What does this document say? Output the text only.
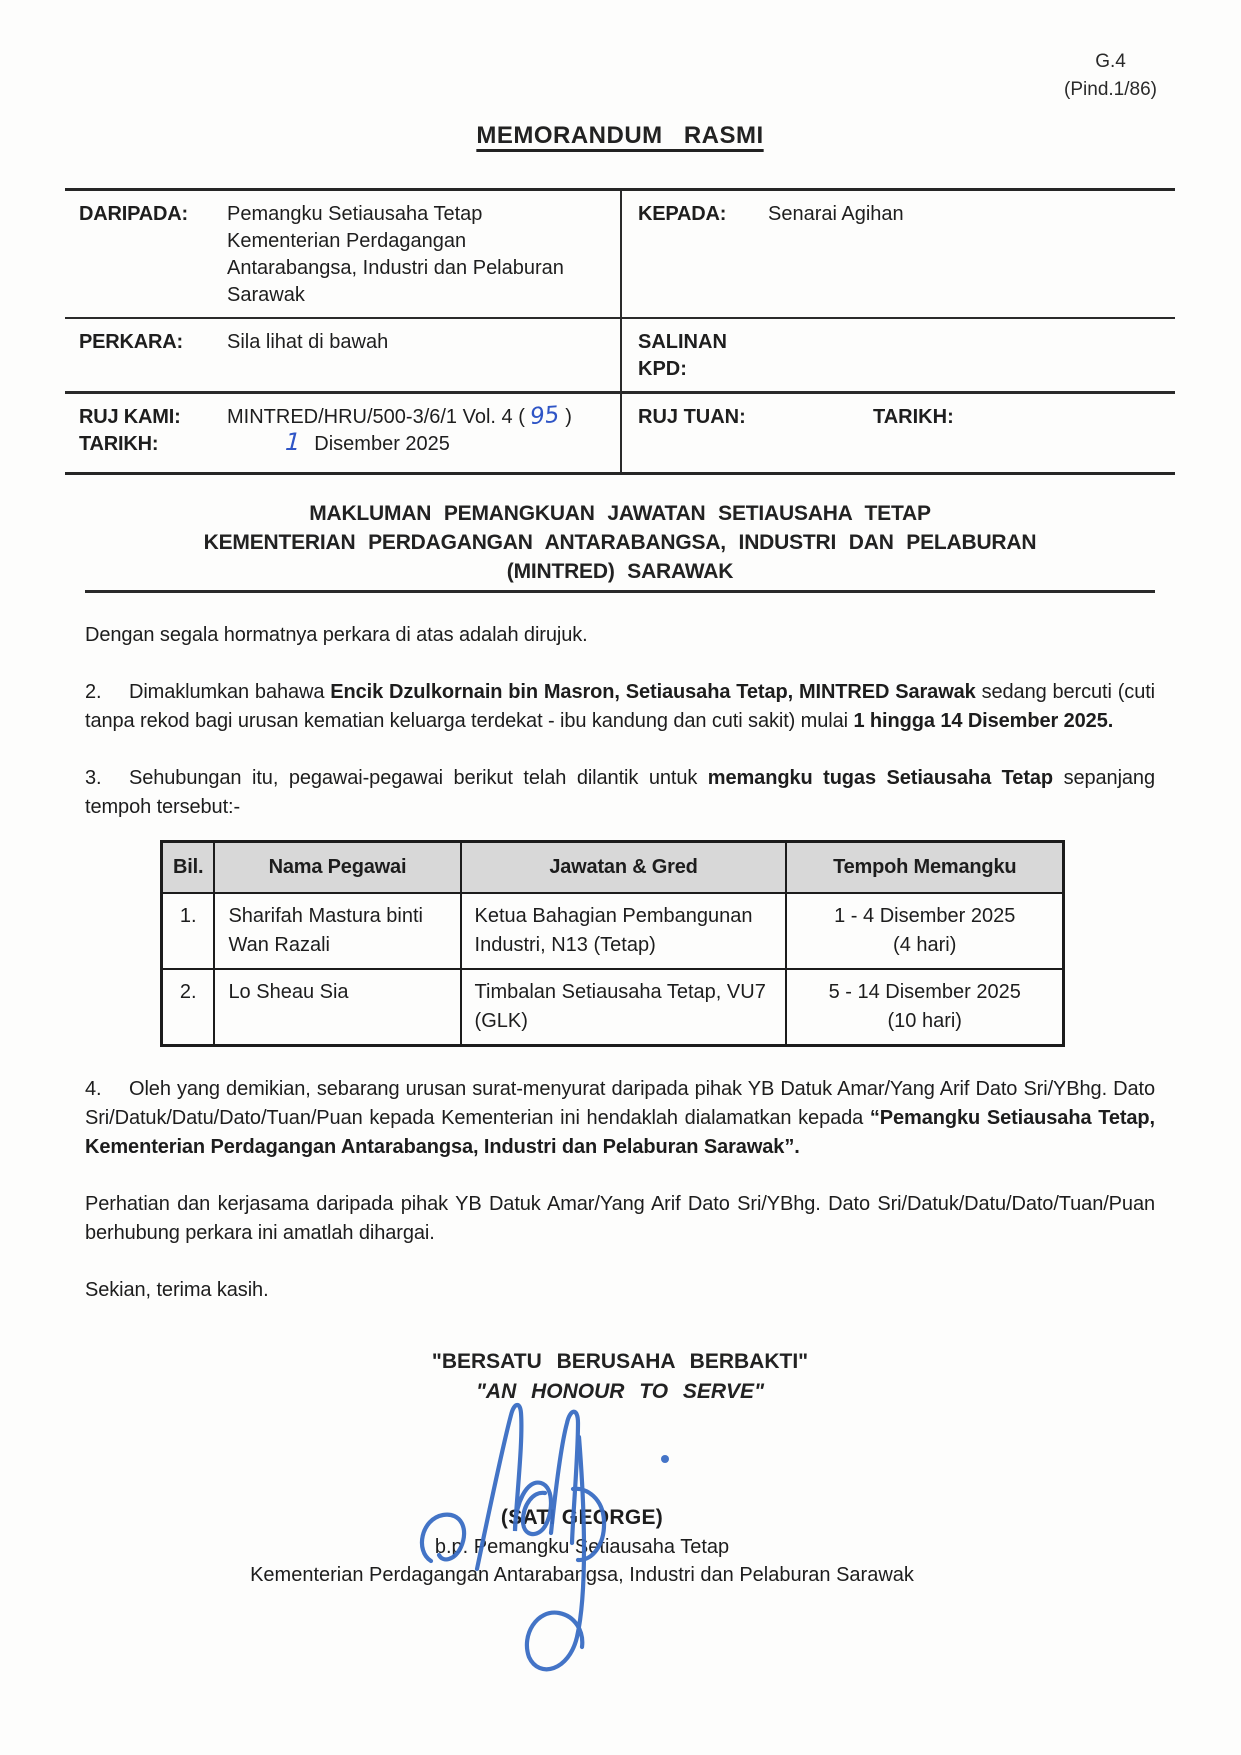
G.4
(Pind.1/86)
MEMORANDUM RASMI
DARIPADA:	Pemangku Setiausaha Tetap
Kementerian Perdagangan
Antarabangsa, Industri dan Pelaburan
Sarawak
KEPADA:	Senarai Agihan
PERKARA:	Sila lihat di bawah	SALINAN
KPD:
RUJ KAMI:	MINTRED/HRU/500-3/6/1 Vol. 4 ( 95 )
TARIKH:	1 Disember 2025
RUJ TUAN:	TARIKH:
MAKLUMAN PEMANGKUAN JAWATAN SETIAUSAHA TETAP
KEMENTERIAN PERDAGANGAN ANTARABANGSA, INDUSTRI DAN PELABURAN
(MINTRED) SARAWAK

Dengan segala hormatnya perkara di atas adalah dirujuk.

2. Dimaklumkan bahawa Encik Dzulkornain bin Masron, Setiausaha Tetap, MINTRED Sarawak sedang bercuti (cuti tanpa rekod bagi urusan kematian keluarga terdekat - ibu kandung dan cuti sakit) mulai 1 hingga 14 Disember 2025.

3. Sehubungan itu, pegawai-pegawai berikut telah dilantik untuk memangku tugas Setiausaha Tetap sepanjang tempoh tersebut:-

Bil.	Nama Pegawai	Jawatan & Gred	Tempoh Memangku
1.	Sharifah Mastura binti Wan Razali	Ketua Bahagian Pembangunan Industri, N13 (Tetap)	1 - 4 Disember 2025
(4 hari)

2.	Lo Sheau Sia	Timbalan Setiausaha Tetap, VU7 (GLK)	5 - 14 Disember 2025
(10 hari)

4. Oleh yang demikian, sebarang urusan surat-menyurat daripada pihak YB Datuk Amar/Yang Arif Dato Sri/YBhg. Dato Sri/Datuk/Datu/Dato/Tuan/Puan kepada Kementerian ini hendaklah dialamatkan kepada “Pemangku Setiausaha Tetap, Kementerian Perdagangan Antarabangsa, Industri dan Pelaburan Sarawak”.

Perhatian dan kerjasama daripada pihak YB Datuk Amar/Yang Arif Dato Sri/YBhg. Dato Sri/Datuk/Datu/Dato/Tuan/Puan berhubung perkara ini amatlah dihargai.

Sekian, terima kasih.

"BERSATU BERUSAHA BERBAKTI"
"AN HONOUR TO SERVE"
(SATI GEORGE)
b.p. Pemangku Setiausaha Tetap
Kementerian Perdagangan Antarabangsa, Industri dan Pelaburan Sarawak
